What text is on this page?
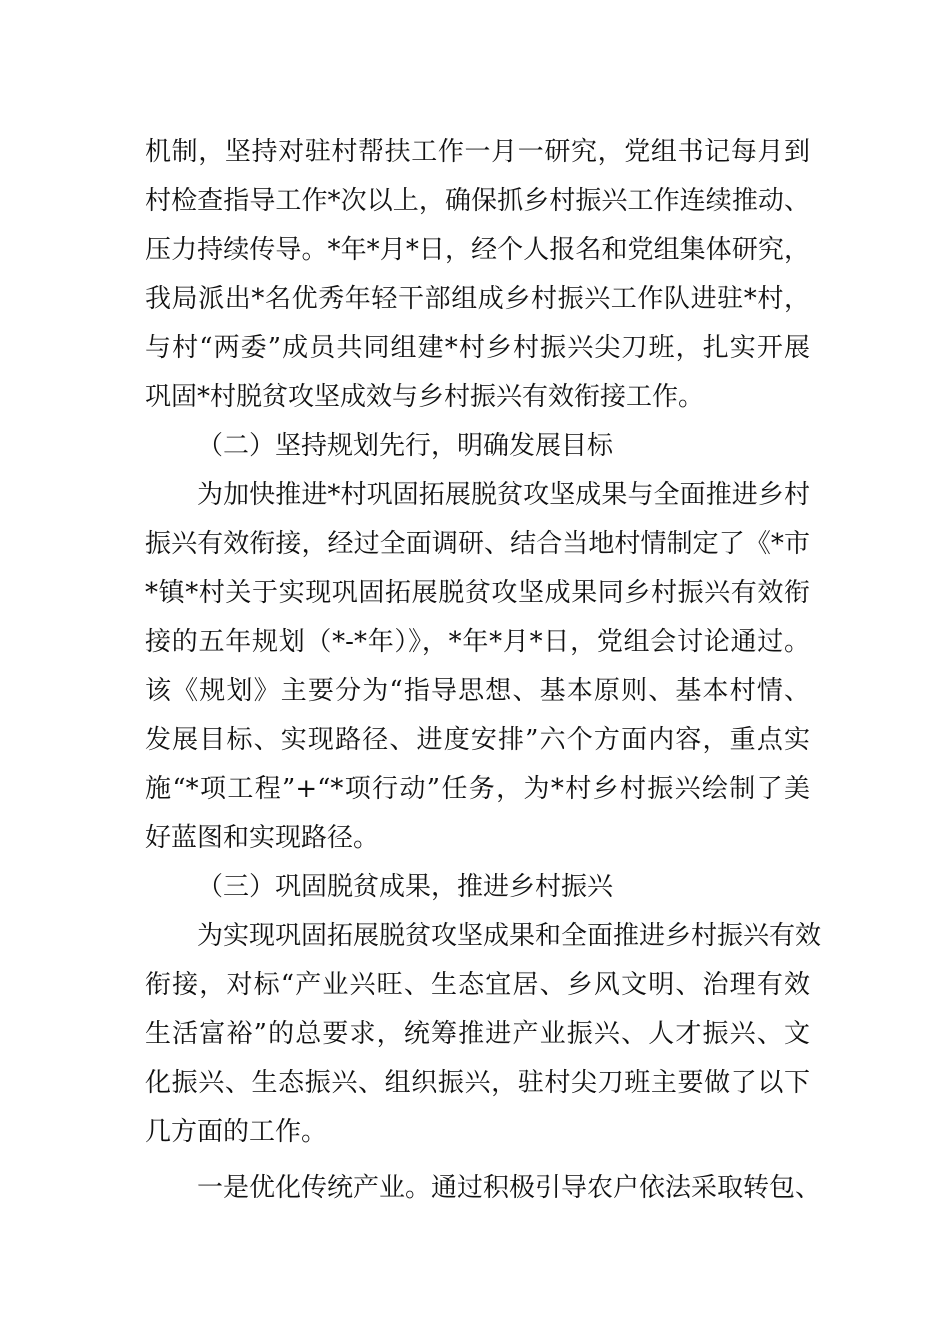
机制，坚持对驻村帮扶工作一月一研究，党组书记每月到
村检查指导工作*次以上，确保抓乡村振兴工作连续推动、
压力持续传导。*年*月*日，经个人报名和党组集体研究，
我局派出*名优秀年轻干部组成乡村振兴工作队进驻*村，
与村“两委”成员共同组建*村乡村振兴尖刀班，扎实开展
巩固*村脱贫攻坚成效与乡村振兴有效衔接工作。
（二）坚持规划先行，明确发展目标
为加快推进*村巩固拓展脱贫攻坚成果与全面推进乡村
振兴有效衔接，经过全面调研、结合当地村情制定了《*市
*镇*村关于实现巩固拓展脱贫攻坚成果同乡村振兴有效衔
接的五年规划（*-*年）》，*年*月*日，党组会讨论通过。
该《规划》主要分为“指导思想、基本原则、基本村情、
发展目标、实现路径、进度安排”六个方面内容，重点实
施“*项工程”+“*项行动”任务，为*村乡村振兴绘制了美
好蓝图和实现路径。
（三）巩固脱贫成果，推进乡村振兴
为实现巩固拓展脱贫攻坚成果和全面推进乡村振兴有效
衔接，对标“产业兴旺、生态宜居、乡风文明、治理有效
生活富裕”的总要求，统筹推进产业振兴、人才振兴、文
化振兴、生态振兴、组织振兴，驻村尖刀班主要做了以下
几方面的工作。
一是优化传统产业。通过积极引导农户依法采取转包、
